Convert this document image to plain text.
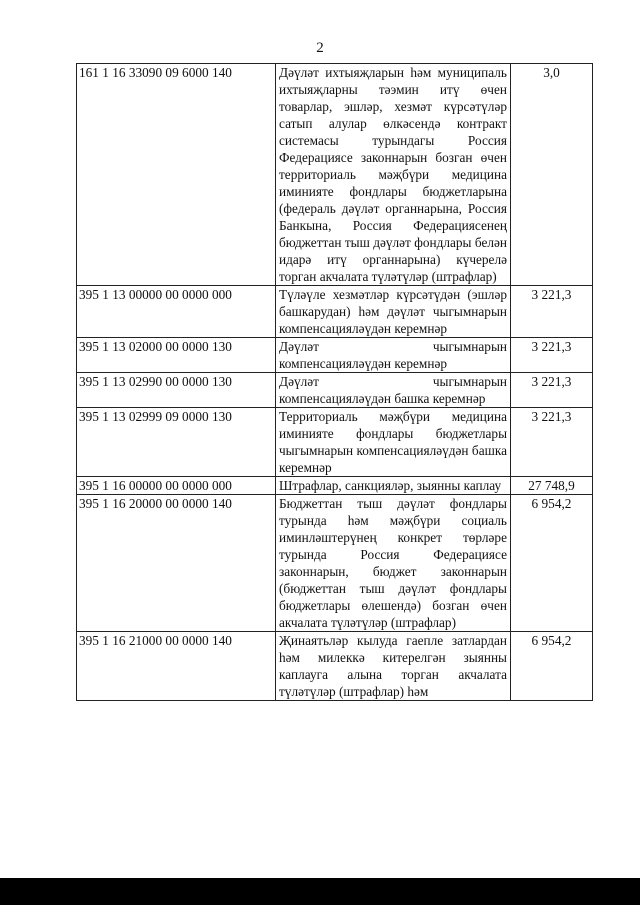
2
161 1 16 33090 09 6000 140	Дәүләт ихтыяҗларын һәм муниципаль ихтыяҗларны тәэмин итү өчен товарлар, эшләр, хезмәт күрсәтүләр сатып алулар өлкәсендә контракт системасы турындагы Россия Федерациясе законнарын бозган өчен территориаль мәҗбүри медицина иминияте фондлары бюджетларына (федераль дәүләт органнарына, Россия Банкына, Россия Федерациясенең бюджеттан тыш дәүләт фондлары белән идарә итү органнарына) күчерелә торган акчалата түләтүләр (штрафлар)	3,0
395 1 13 00000 00 0000 000	Түләүле хезмәтләр күрсәтүдән (эшләр башкарудан) һәм дәүләт чыгымнарын компенсацияләүдән керемнәр	3 221,3
395 1 13 02000 00 0000 130	Дәүләт чыгымнарын компенсацияләүдән керемнәр	3 221,3
395 1 13 02990 00 0000 130	Дәүләт чыгымнарын компенсацияләүдән башка керемнәр	3 221,3
395 1 13 02999 09 0000 130	Территориаль мәҗбүри медицина иминияте фондлары бюджетлары чыгымнарын компенсацияләүдән башка керемнәр	3 221,3
395 1 16 00000 00 0000 000	Штрафлар, санкцияләр, зыянны каплау	27 748,9
395 1 16 20000 00 0000 140	Бюджеттан тыш дәүләт фондлары турында һәм мәҗбүри социаль иминләштерүнең конкрет төрләре турында Россия Федерациясе законнарын, бюджет законнарын (бюджеттан тыш дәүләт фондлары бюджетлары өлешендә) бозган өчен акчалата түләтүләр (штрафлар)	6 954,2
395 1 16 21000 00 0000 140	Җинаятьләр кылуда гаепле затлардан һәм милеккә китерелгән зыянны каплауга алына торган акчалата түләтүләр (штрафлар) һәм	6 954,2
